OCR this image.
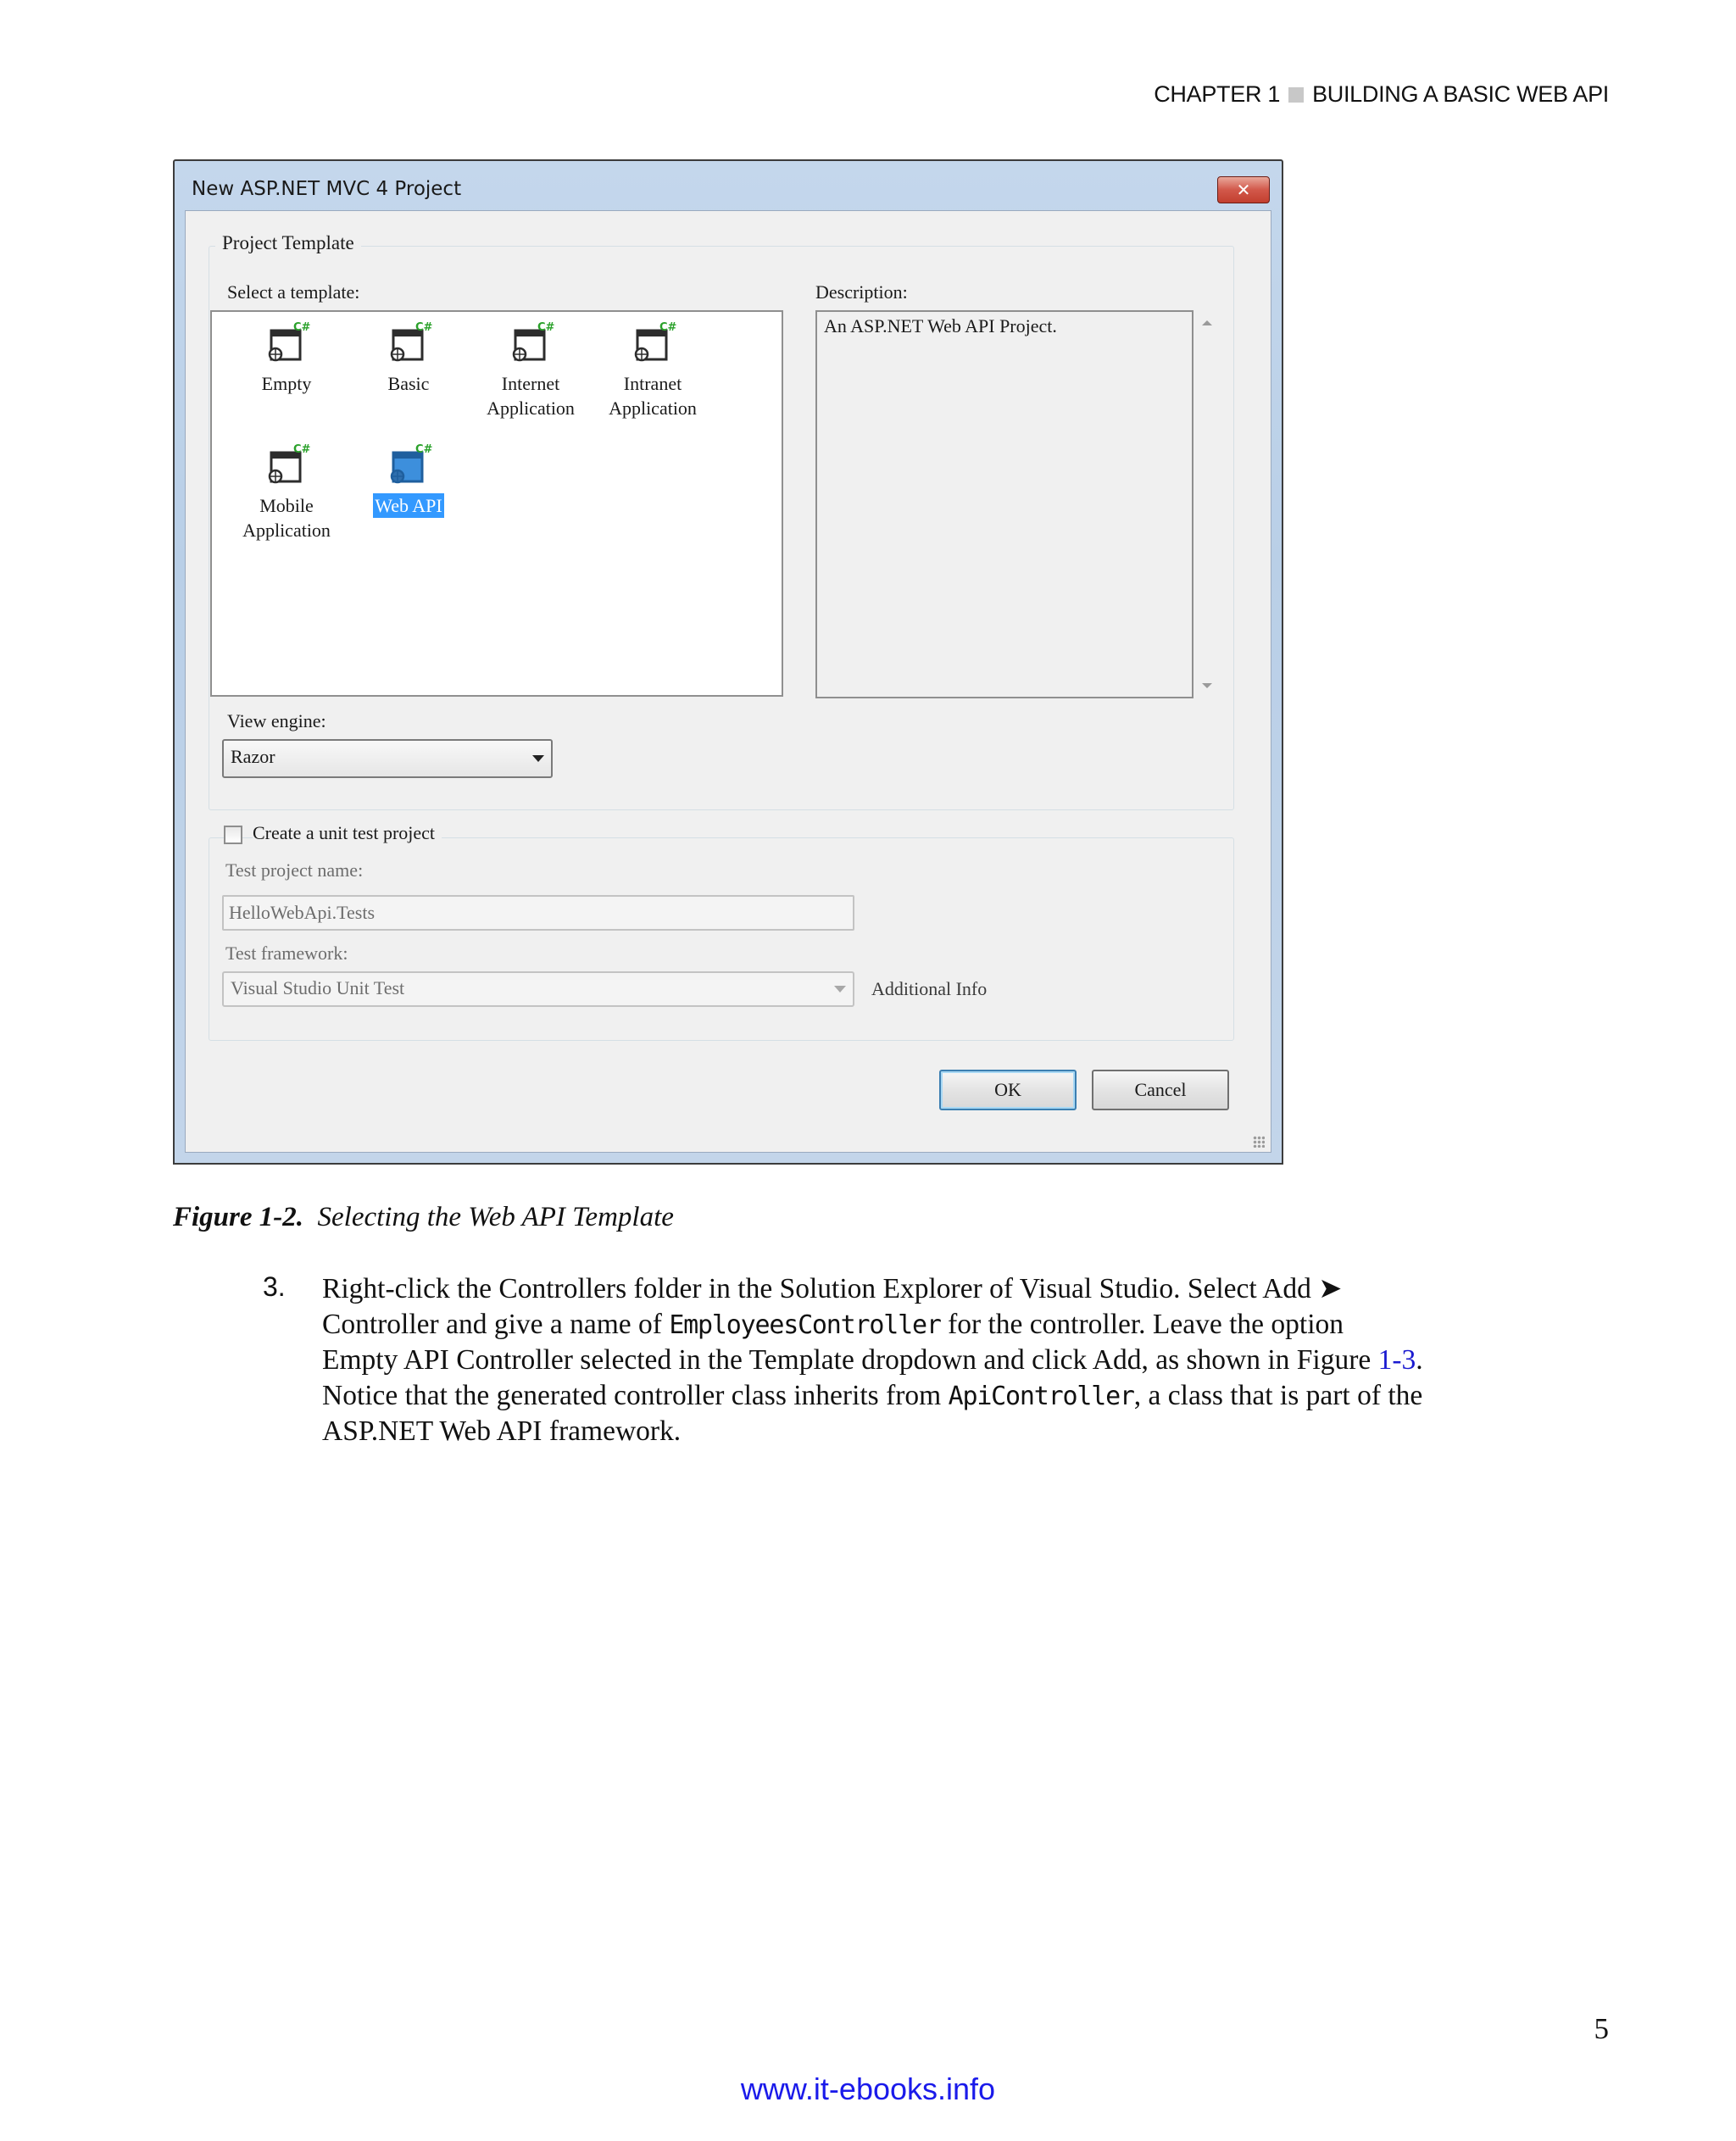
CHAPTER 1 BUILDING A BASIC WEB API
New ASP.NET MVC 4 Project	✕
Project Template
Select a template:
C#
Empty
C#
Basic
C#
Internet
Application
C#
Intranet
Application
C#
Mobile
Application
C#
Web API
Description:
An ASP.NET Web API Project.
View engine:
Razor
Create a unit test project
Test project name:
HelloWebApi.Tests
Test framework:
Visual Studio Unit Test	Additional Info
OK	Cancel
Figure 1-2. Selecting the Web API Template
3. Right-click the Controllers folder in the Solution Explorer of Visual Studio. Select Add ➤ Controller and give a name of EmployeesController for the controller. Leave the option Empty API Controller selected in the Template dropdown and click Add, as shown in Figure 1-3. Notice that the generated controller class inherits from ApiController, a class that is part of the ASP.NET Web API framework.
5
www.it-ebooks.info
